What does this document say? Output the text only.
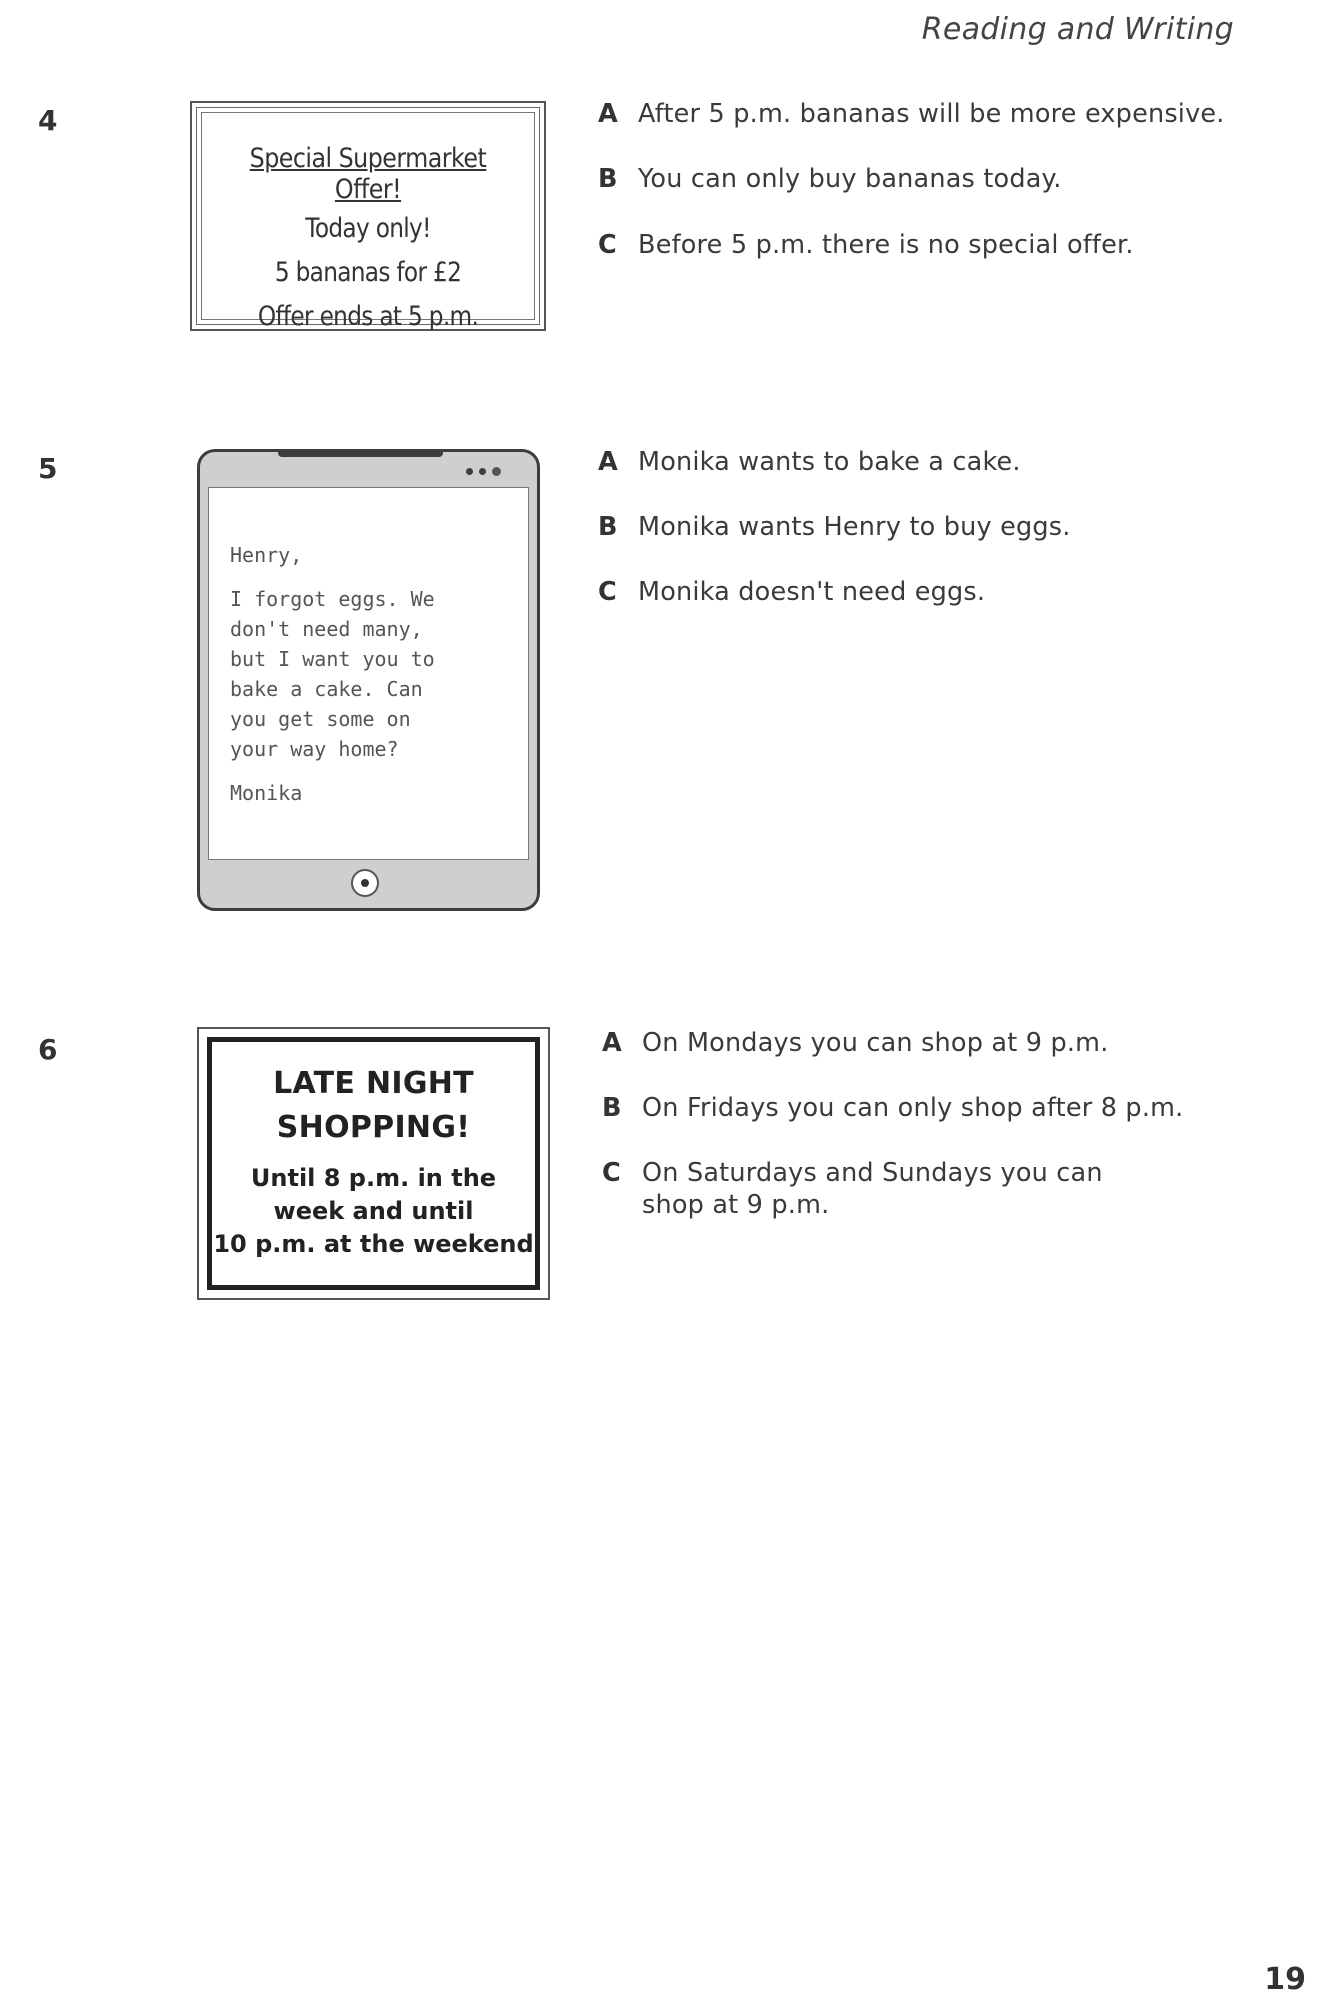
Reading and Writing
4
Special Supermarket Offer!
Today only!
5 bananas for £2
Offer ends at 5 p.m.
A After 5 p.m. bananas will be more expensive.
B You can only buy bananas today.
C Before 5 p.m. there is no special offer.
5
Henry,
I forgot eggs. We
don't need many,
but I want you to
bake a cake. Can
you get some on
your way home?
Monika
A Monika wants to bake a cake.
B Monika wants Henry to buy eggs.
C Monika doesn't need eggs.
6
LATE NIGHT
SHOPPING!
Until 8 p.m. in the
week and until
10 p.m. at the weekend
A On Mondays you can shop at 9 p.m.
B On Fridays you can only shop after 8 p.m.
C On Saturdays and Sundays you can shop at 9 p.m.
19
